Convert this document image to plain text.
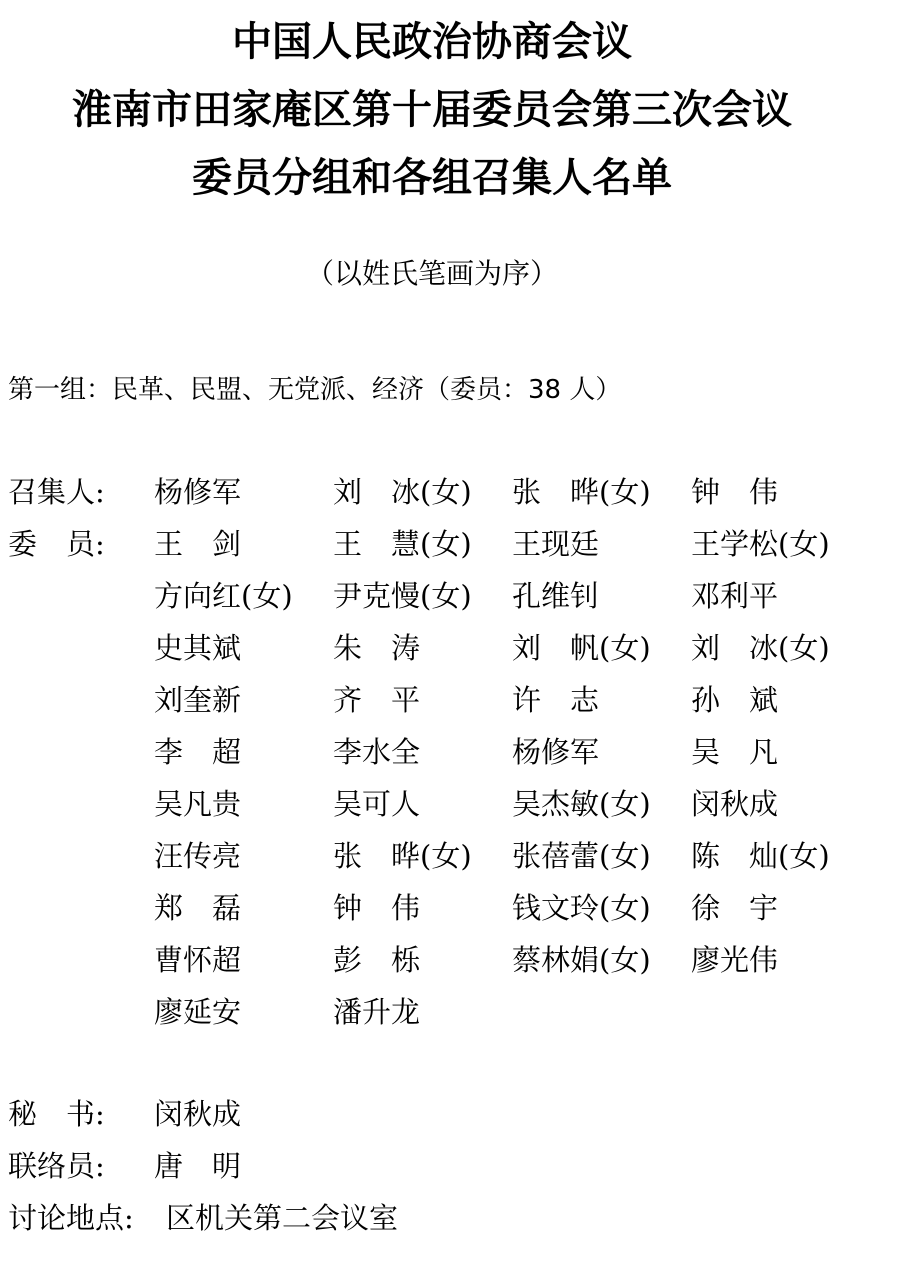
中国人民政治协商会议
淮南市田家庵区第十届委员会第三次会议
委员分组和各组召集人名单
（以姓氏笔画为序）
第一组：民革、民盟、无党派、经济（委员：38 人）
召集人:	杨修军	刘　冰(女)	张　晔(女)	钟　伟
委　员:	王　剑	王　慧(女)	王现廷	王学松(女)
方向红(女)	尹克慢(女)	孔维钊	邓利平
史其斌	朱　涛	刘　帆(女)	刘　冰(女)
刘奎新	齐　平	许　志	孙　斌
李　超	李水全	杨修军	吴　凡
吴凡贵	吴可人	吴杰敏(女)	闵秋成
汪传亮	张　晔(女)	张蓓蕾(女)	陈　灿(女)
郑　磊	钟　伟	钱文玲(女)	徐　宇
曹怀超	彭　栎	蔡林娟(女)	廖光伟
廖延安	潘升龙
秘　书:	闵秋成
联络员:	唐　明
讨论地点:	区机关第二会议室
